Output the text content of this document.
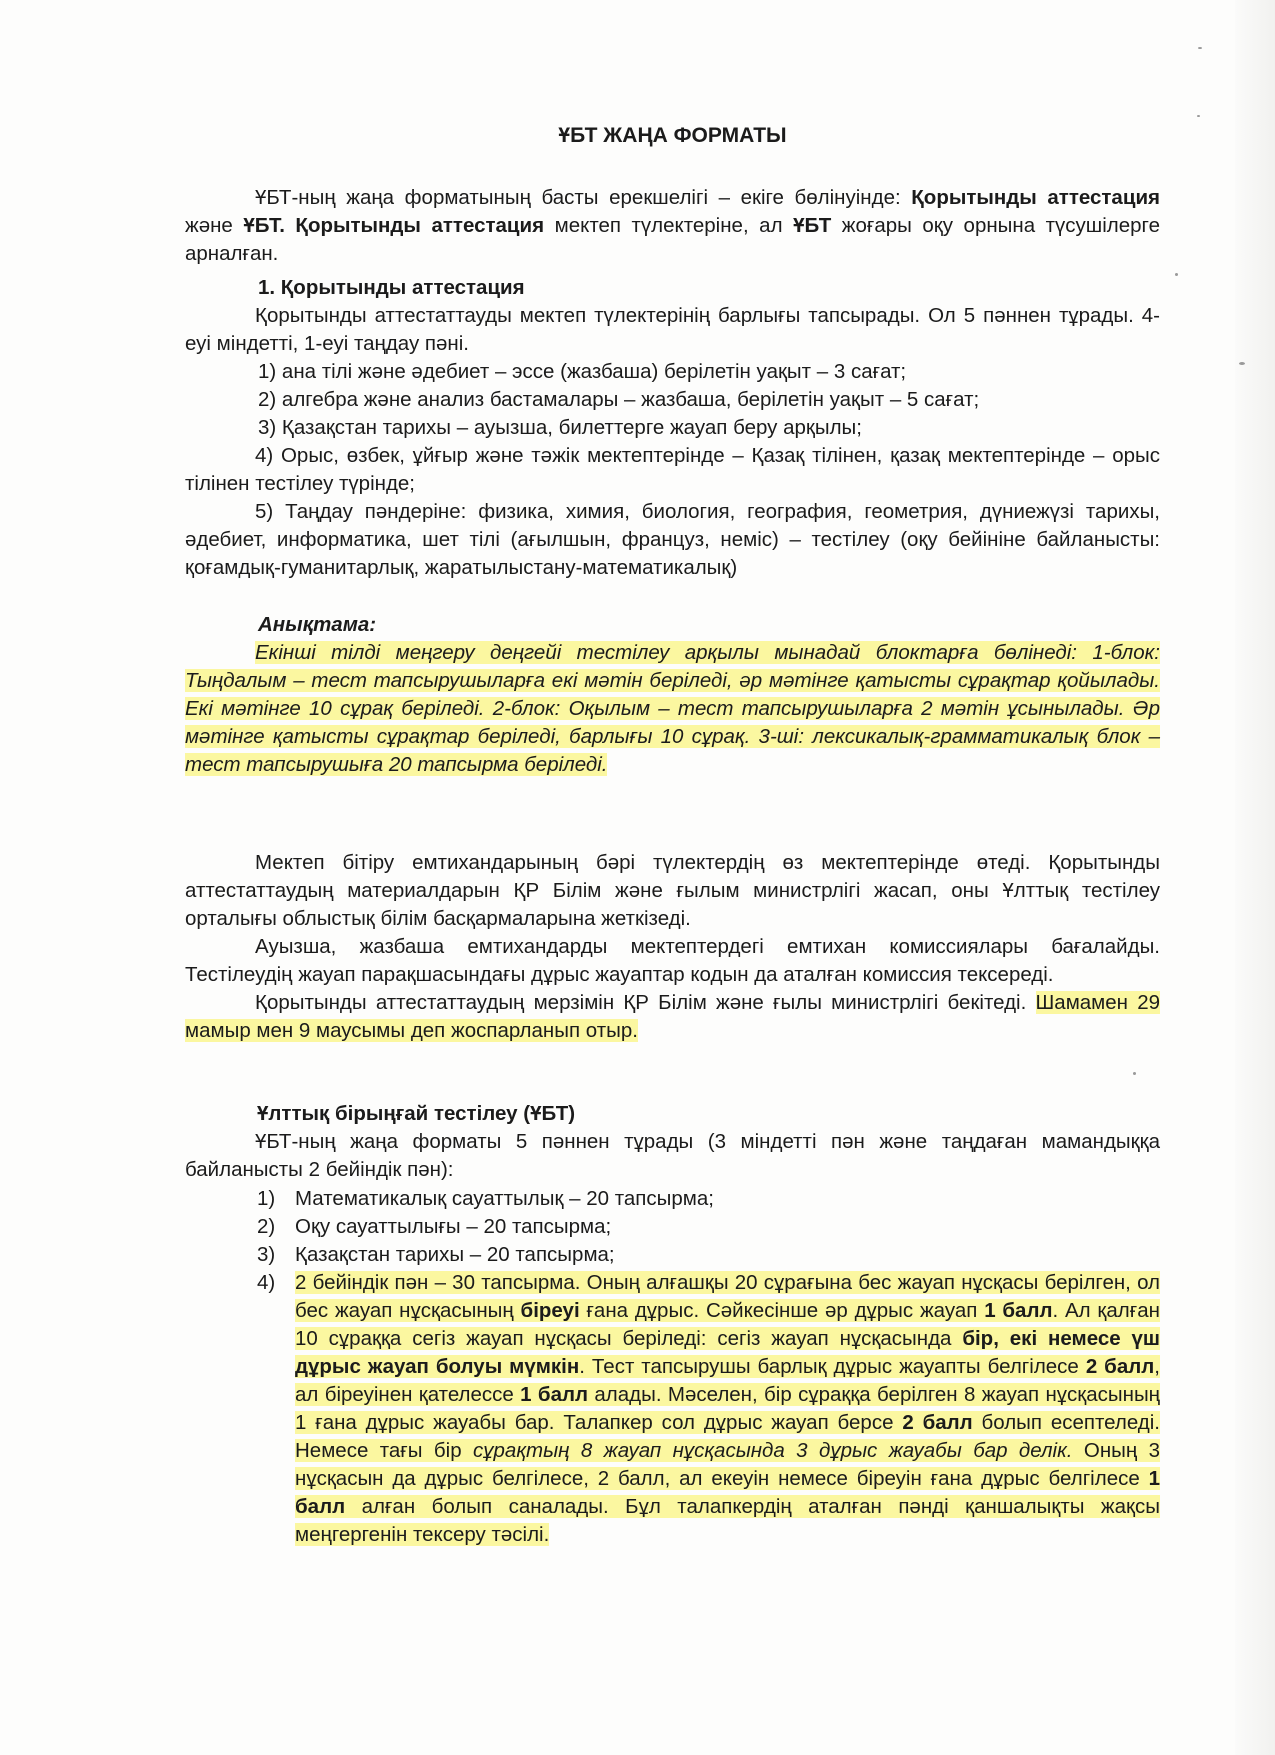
ҰБТ ЖАҢА ФОРМАТЫ

ҰБТ-ның жаңа форматының басты ерекшелігі – екіге бөлінуінде: Қорытынды аттестация және ҰБТ. Қорытынды аттестация мектеп түлектеріне, ал ҰБТ жоғары оқу орнына түсушілерге арналған.

1. Қорытынды аттестация

Қорытынды аттестаттауды мектеп түлектерінің барлығы тапсырады. Ол 5 пәннен тұрады. 4-еуі міндетті, 1-еуі таңдау пәні.

1) ана тілі және әдебиет – эссе (жазбаша) берілетін уақыт – 3 сағат;

2) алгебра және анализ бастамалары – жазбаша, берілетін уақыт – 5 сағат;

3) Қазақстан тарихы – ауызша, билеттерге жауап беру арқылы;

4) Орыс, өзбек, ұйғыр және тәжік мектептерінде – Қазақ тілінен, қазақ мектептерінде – орыс тілінен тестілеу түрінде;

5) Таңдау пәндеріне: физика, химия, биология, география, геометрия, дүниежүзі тарихы, әдебиет, информатика, шет тілі (ағылшын, француз, неміс) – тестілеу (оқу бейініне байланысты: қоғамдық-гуманитарлық, жаратылыстану-математикалық)

Анықтама:

Екінші тілді меңгеру деңгейі тестілеу арқылы мынадай блоктарға бөлінеді: 1-блок: Тыңдалым – тест тапсырушыларға екі мәтін беріледі, әр мәтінге қатысты сұрақтар қойылады. Екі мәтінге 10 сұрақ беріледі. 2-блок: Оқылым – тест тапсырушыларға 2 мәтін ұсынылады. Әр мәтінге қатысты сұрақтар беріледі, барлығы 10 сұрақ. 3-ші: лексикалық-грамматикалық блок – тест тапсырушыға 20 тапсырма беріледі.

Мектеп бітіру емтихандарының бәрі түлектердің өз мектептерінде өтеді. Қорытынды аттестаттаудың материалдарын ҚР Білім және ғылым министрлігі жасап, оны Ұлттық тестілеу орталығы облыстық білім басқармаларына жеткізеді.

Ауызша, жазбаша емтихандарды мектептердегі емтихан комиссиялары бағалайды. Тестілеудің жауап парақшасындағы дұрыс жауаптар кодын да аталған комиссия тексереді.

Қорытынды аттестаттаудың мерзімін ҚР Білім және ғылы министрлігі бекітеді. Шамамен 29 мамыр мен 9 маусымы деп жоспарланып отыр.

Ұлттық бірыңғай тестілеу (ҰБТ)

ҰБТ-ның жаңа форматы 5 пәннен тұрады (3 міндетті пән және таңдаған мамандыққа байланысты 2 бейіндік пән):

1) Математикалық сауаттылық – 20 тапсырма;
2) Оқу сауаттылығы – 20 тапсырма;
3) Қазақстан тарихы – 20 тапсырма;
4) 2 бейіндік пән – 30 тапсырма. Оның алғашқы 20 сұрағына бес жауап нұсқасы берілген, ол бес жауап нұсқасының біреуі ғана дұрыс. Сәйкесінше әр дұрыс жауап 1 балл. Ал қалған 10 сұраққа сегіз жауап нұсқасы беріледі: сегіз жауап нұсқасында бір, екі немесе үш дұрыс жауап болуы мүмкін. Тест тапсырушы барлық дұрыс жауапты белгілесе 2 балл, ал біреуінен қателессе 1 балл алады. Мәселен, бір сұраққа берілген 8 жауап нұсқасының 1 ғана дұрыс жауабы бар. Талапкер сол дұрыс жауап берсе 2 балл болып есептеледі. Немесе тағы бір сұрақтың 8 жауап нұсқасында 3 дұрыс жауабы бар делік. Оның 3 нұсқасын да дұрыс белгілесе, 2 балл, ал екеуін немесе біреуін ғана дұрыс белгілесе 1 балл алған болып саналады. Бұл талапкердің аталған пәнді қаншалықты жақсы меңгергенін тексеру тәсілі.
